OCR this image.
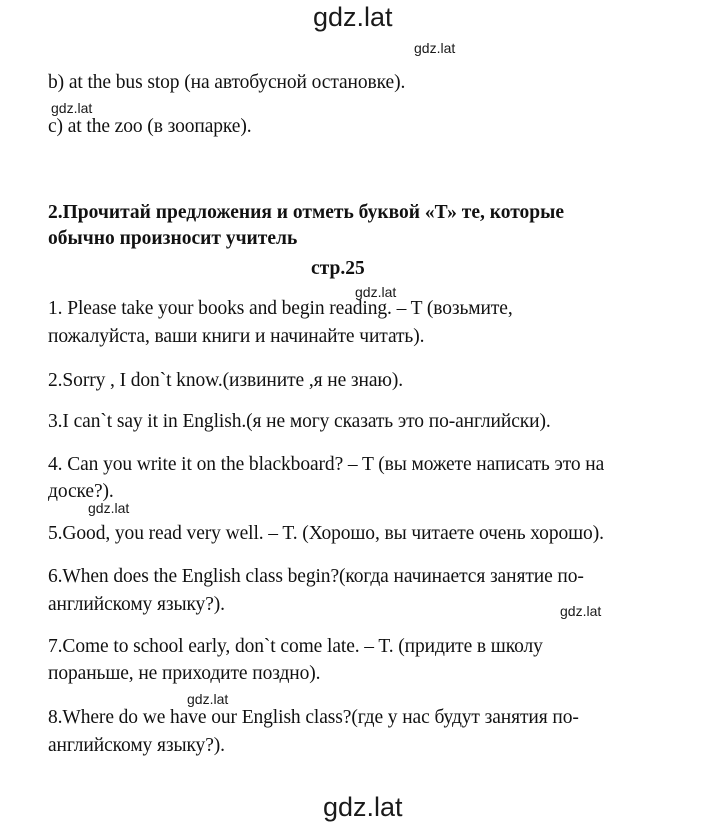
gdz.lat
gdz.lat
b) at the bus stop (на автобусной остановке).
gdz.lat
c) at the zoo (в зоопарке).
2.Прочитай предложения и отметь буквой «Т» те, которые
обычно произносит учитель
стр.25
gdz.lat
1. Please take your books and begin reading. – T (возьмите,
пожалуйста, ваши книги и начинайте читать).
2.Sorry , I don`t know.(извините ,я не знаю).
3.I can`t say it in English.(я не могу сказать это по-английски).
4. Can you write it on the blackboard? – T (вы можете написать это на
доске?).
gdz.lat
5.Good, you read very well. – T. (Хорошо, вы читаете очень хорошо).
6.When does the English class begin?(когда начинается занятие по-
английскому языку?).	gdz.lat
7.Come to school early, don`t come late. – T. (придите в школу
пораньше, не приходите поздно).
gdz.lat
8.Where do we have our English class?(где у нас будут занятия по-
английскому языку?).
gdz.lat
